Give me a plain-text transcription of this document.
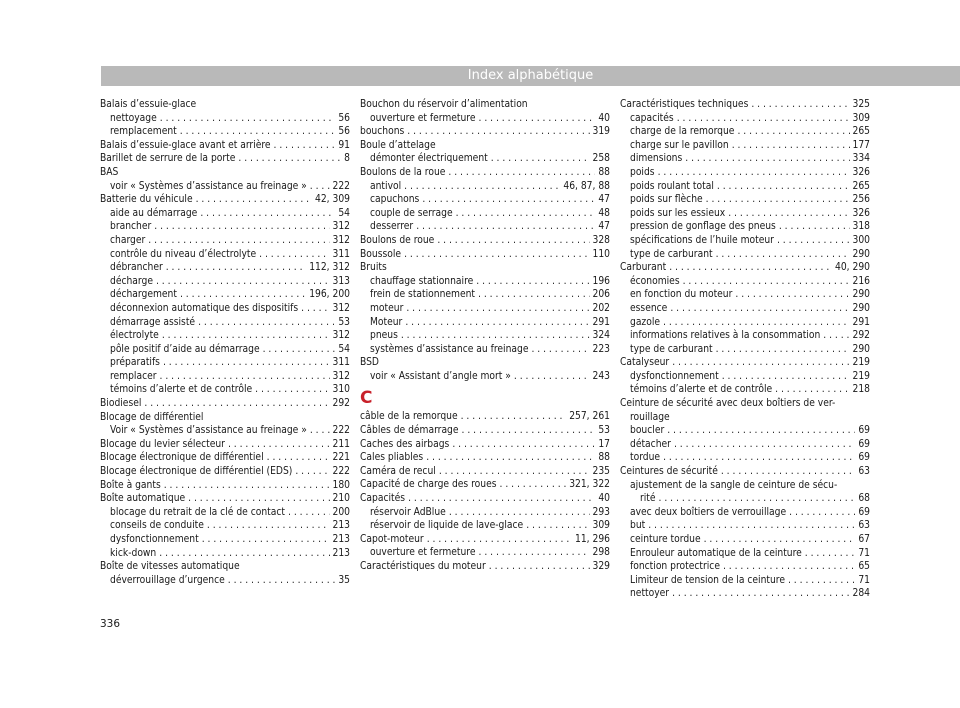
Index alphabétique
Balais d’essuie-glace
nettoyage . . .	56
remplacement . . .	56
Balais d’essuie-glace avant et arrière . . .	91
Barillet de serrure de la porte . . .	8
BAS
voir « Systèmes d’assistance au freinage » . . .	222
Batterie du véhicule . . .	42, 309
aide au démarrage . . .	54
brancher . . .	312
charger . . .	312
contrôle du niveau d’électrolyte . . .	311
débrancher . . .	112, 312
décharge . . .	313
déchargement . . .	196, 200
déconnexion automatique des dispositifs . . .	312
démarrage assisté . . .	53
électrolyte . . .	312
pôle positif d’aide au démarrage . . .	54
préparatifs . . .	311
remplacer . . .	312
témoins d’alerte et de contrôle . . .	310
Biodiesel . . .	292
Blocage de différentiel
Voir « Systèmes d’assistance au freinage » . . .	222
Blocage du levier sélecteur . . .	211
Blocage électronique de différentiel . . .	221
Blocage électronique de différentiel (EDS) . . .	222
Boîte à gants . . .	180
Boîte automatique . . .	210
blocage du retrait de la clé de contact . . .	200
conseils de conduite . . .	213
dysfonctionnement . . .	213
kick-down . . .	213
Boîte de vitesses automatique
déverrouillage d’urgence . . .	35
Bouchon du réservoir d’alimentation
ouverture et fermeture . . .	40
bouchons . . .	319
Boule d’attelage
démonter électriquement . . .	258
Boulons de la roue . . .	88
antivol . . .	46, 87, 88
capuchons . . .	47
couple de serrage . . .	48
desserrer . . .	47
Boulons de roue . . .	328
Boussole . . .	110
Bruits
chauffage stationnaire . . .	196
frein de stationnement . . .	206
moteur . . .	202
Moteur . . .	291
pneus . . .	324
systèmes d’assistance au freinage . . .	223
BSD
voir « Assistant d’angle mort » . . .	243
C
câble de la remorque . . .	257, 261
Câbles de démarrage . . .	53
Caches des airbags . . .	17
Cales pliables . . .	88
Caméra de recul . . .	235
Capacité de charge des roues . . .	321, 322
Capacités . . .	40
réservoir AdBlue . . .	293
réservoir de liquide de lave-glace . . .	309
Capot-moteur . . .	11, 296
ouverture et fermeture . . .	298
Caractéristiques du moteur . . .	329
Caractéristiques techniques . . .	325
capacités . . .	309
charge de la remorque . . .	265
charge sur le pavillon . . .	177
dimensions . . .	334
poids . . .	326
poids roulant total . . .	265
poids sur flèche . . .	256
poids sur les essieux . . .	326
pression de gonflage des pneus . . .	318
spécifications de l’huile moteur . . .	300
type de carburant . . .	290
Carburant . . .	40, 290
économies . . .	216
en fonction du moteur . . .	290
essence . . .	290
gazole . . .	291
informations relatives à la consommation . . .	292
type de carburant . . .	290
Catalyseur . . .	219
dysfonctionnement . . .	219
témoins d’alerte et de contrôle . . .	218
Ceinture de sécurité avec deux boîtiers de ver-
rouillage
boucler . . .	69
détacher . . .	69
tordue . . .	69
Ceintures de sécurité . . .	63
ajustement de la sangle de ceinture de sécu-
rité . . .	68
avec deux boîtiers de verrouillage . . .	69
but . . .	63
ceinture tordue . . .	67
Enrouleur automatique de la ceinture . . .	71
fonction protectrice . . .	65
Limiteur de tension de la ceinture . . .	71
nettoyer . . .	284
336
